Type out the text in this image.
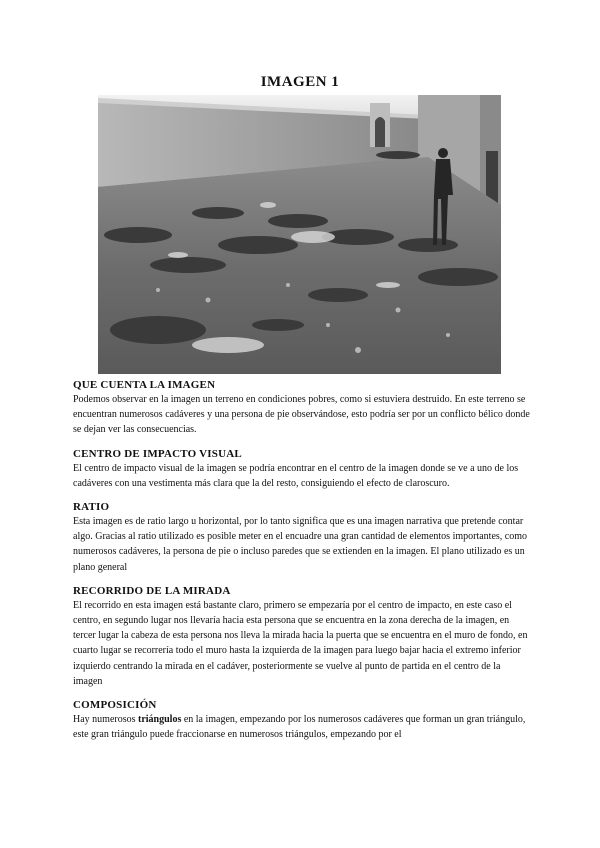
IMAGEN 1

QUE CUENTA LA IMAGEN

Podemos observar en la imagen un terreno en condiciones pobres, como si estuviera destruido. En este terreno se encuentran numerosos cadáveres y una persona de pie observándose, esto podría ser por un conflicto bélico donde se dejan ver las consecuencias.

CENTRO DE IMPACTO VISUAL

El centro de impacto visual de la imagen se podría encontrar en el centro de la imagen donde se ve a uno de los cadáveres con una vestimenta más clara que la del resto, consiguiendo el efecto de claroscuro.

RATIO

Esta imagen es de ratio largo u horizontal, por lo tanto significa que es una imagen narrativa que pretende contar algo. Gracias al ratio utilizado es posible meter en el encuadre una gran cantidad de elementos importantes, como numerosos cadáveres, la persona de pie o incluso paredes que se extienden en la imagen. El plano utilizado es un plano general

RECORRIDO DE LA MIRADA

El recorrido en esta imagen está bastante claro, primero se empezaría por el centro de impacto, en este caso el centro, en segundo lugar nos llevaría hacia esta persona que se encuentra en la zona derecha de la imagen, en tercer lugar la cabeza de esta persona nos lleva la mirada hacia la puerta que se encuentra en el muro de fondo, en cuarto lugar se recorrería todo el muro hasta la izquierda de la imagen para luego bajar hacia el extremo inferior izquierdo centrando la mirada en el cadáver, posteriormente se vuelve al punto de partida en el centro de la imagen

COMPOSICIÓN

Hay numerosos triángulos en la imagen, empezando por los numerosos cadáveres que forman un gran triángulo, este gran triángulo puede fraccionarse en numerosos triángulos, empezando por el
